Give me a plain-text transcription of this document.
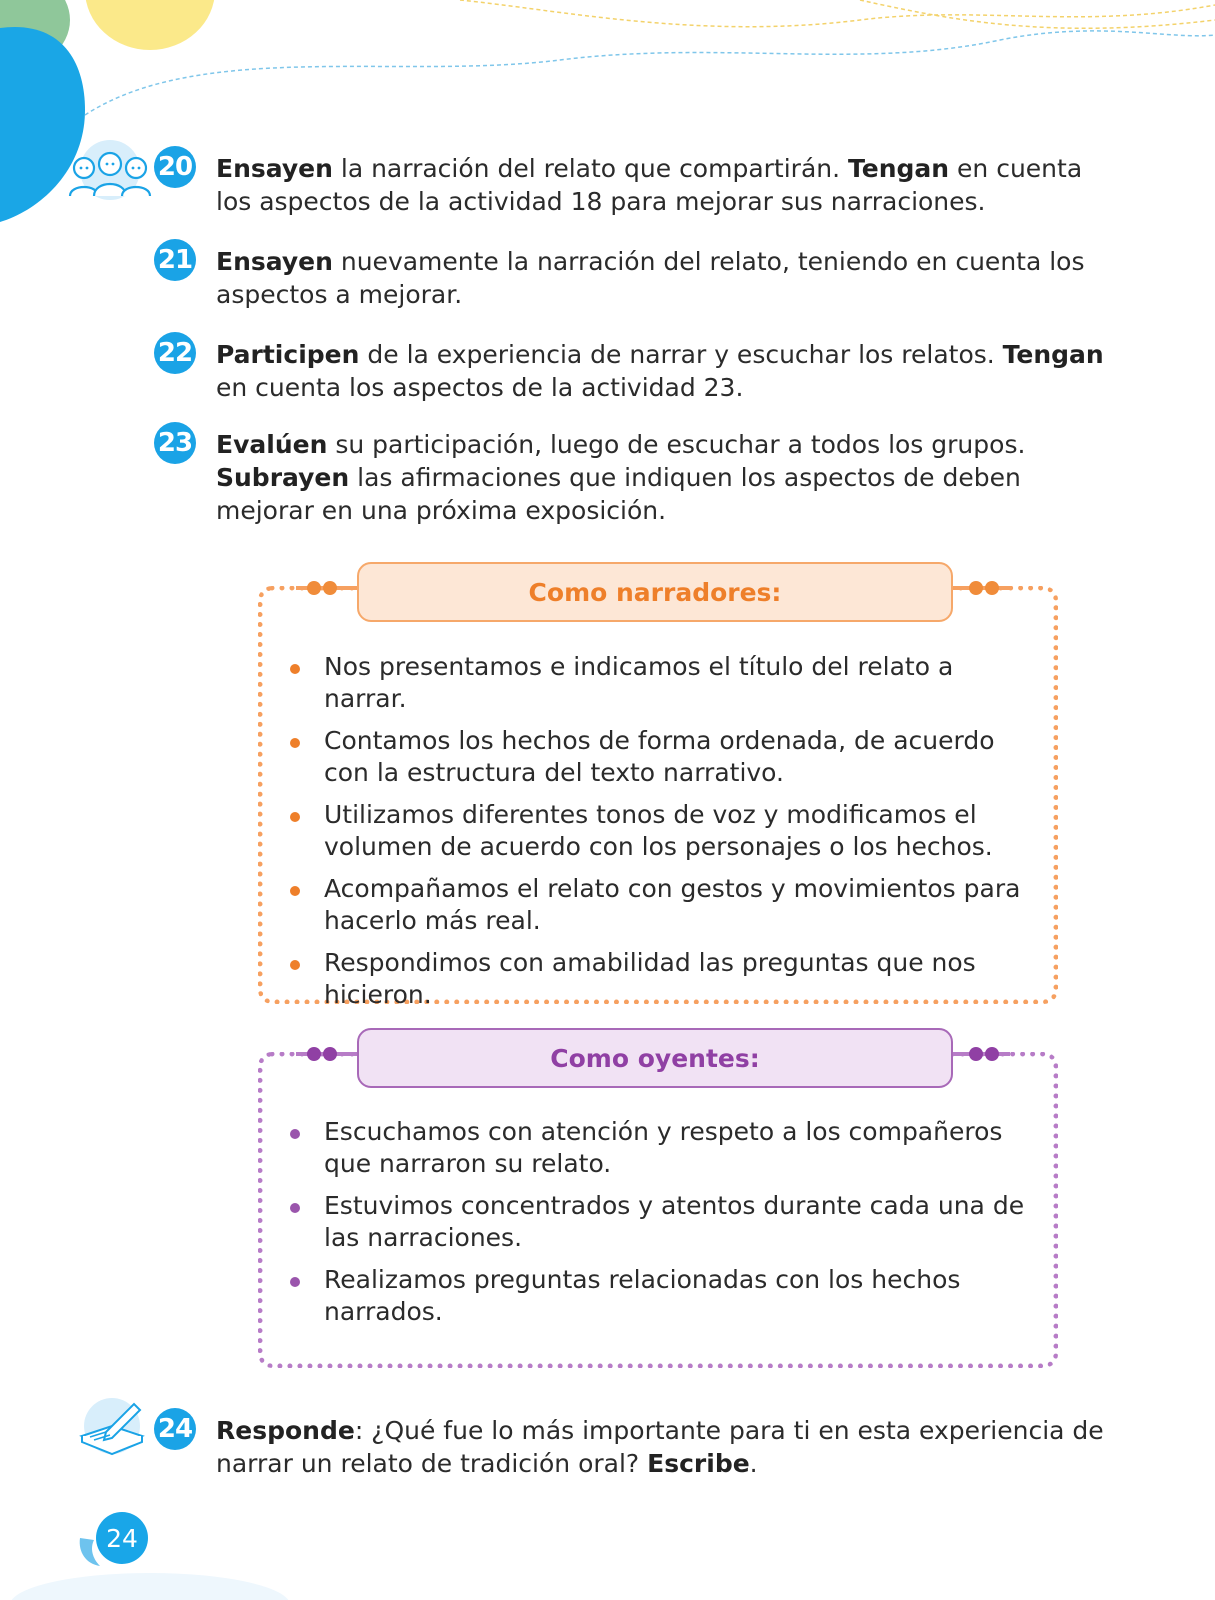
20 Ensayen la narración del relato que compartirán. Tengan en cuenta los aspectos de la actividad 18 para mejorar sus narraciones.
21 Ensayen nuevamente la narración del relato, teniendo en cuenta los aspectos a mejorar.
22 Participen de la experiencia de narrar y escuchar los relatos. Tengan en cuenta los aspectos de la actividad 23.
23 Evalúen su participación, luego de escuchar a todos los grupos. Subrayen las afirmaciones que indiquen los aspectos de deben mejorar en una próxima exposición.
Como narradores:
Nos presentamos e indicamos el título del relato a narrar.
Contamos los hechos de forma ordenada, de acuerdo con la estructura del texto narrativo.
Utilizamos diferentes tonos de voz y modificamos el volumen de acuerdo con los personajes o los hechos.
Acompañamos el relato con gestos y movimientos para hacerlo más real.
Respondimos con amabilidad las preguntas que nos hicieron.
Como oyentes:
Escuchamos con atención y respeto a los compañeros que narraron su relato.
Estuvimos concentrados y atentos durante cada una de las narraciones.
Realizamos preguntas relacionadas con los hechos narrados.
24 Responde: ¿Qué fue lo más importante para ti en esta experiencia de narrar un relato de tradición oral? Escribe.
24
